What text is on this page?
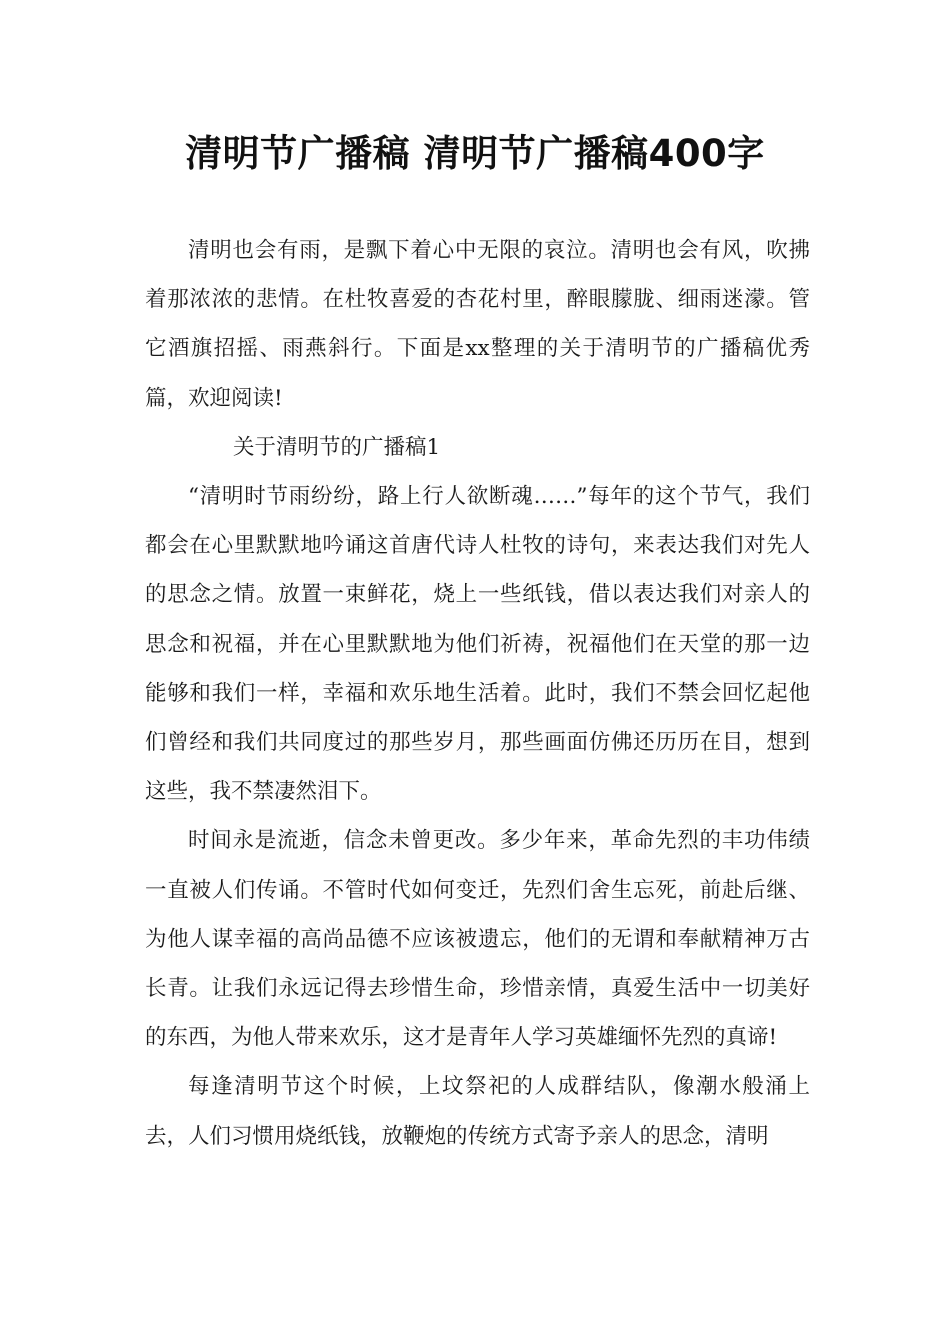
清明节广播稿 清明节广播稿400字

清明也会有雨，是飘下着心中无限的哀泣。清明也会有风，吹拂着那浓浓的悲情。在杜牧喜爱的杏花村里，醉眼朦胧、细雨迷濛。管它酒旗招摇、雨燕斜行。下面是xx整理的关于清明节的广播稿优秀篇，欢迎阅读!

关于清明节的广播稿1

“清明时节雨纷纷，路上行人欲断魂……”每年的这个节气，我们都会在心里默默地吟诵这首唐代诗人杜牧的诗句，来表达我们对先人的思念之情。放置一束鲜花，烧上一些纸钱，借以表达我们对亲人的思念和祝福，并在心里默默地为他们祈祷，祝福他们在天堂的那一边能够和我们一样，幸福和欢乐地生活着。此时，我们不禁会回忆起他们曾经和我们共同度过的那些岁月，那些画面仿佛还历历在目，想到这些，我不禁凄然泪下。

时间永是流逝，信念未曾更改。多少年来，革命先烈的丰功伟绩一直被人们传诵。不管时代如何变迁，先烈们舍生忘死，前赴后继、为他人谋幸福的高尚品德不应该被遗忘，他们的无谓和奉献精神万古长青。让我们永远记得去珍惜生命，珍惜亲情，真爱生活中一切美好的东西，为他人带来欢乐，这才是青年人学习英雄缅怀先烈的真谛!

每逢清明节这个时候，上坟祭祀的人成群结队，像潮水般涌上去，人们习惯用烧纸钱，放鞭炮的传统方式寄予亲人的思念，清明
